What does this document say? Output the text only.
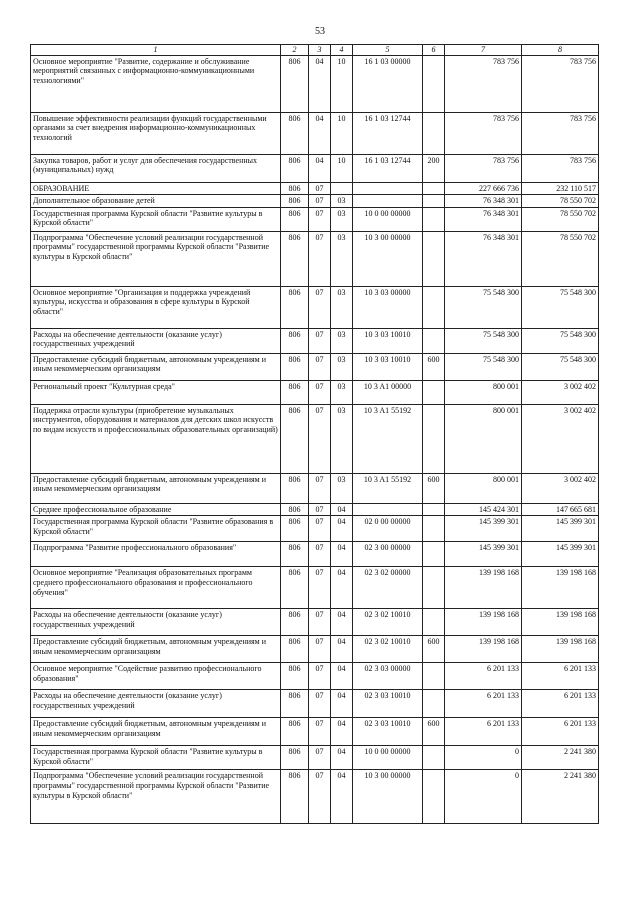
53
1	2	3	4	5	6	7	8
Основное мероприятие "Развитие, содержание и обслуживание мероприятий связанных с информационно-коммуникационными технологиями"	806	04	10	16 1 03 00000		783 756	783 756
Повышение эффективности реализации функций государственными органами за счет внедрения информационно-коммуникационных технологий	806	04	10	16 1 03 12744		783 756	783 756
Закупка товаров, работ и услуг для обеспечения государственных (муниципальных) нужд	806	04	10	16 1 03 12744	200	783 756	783 756
ОБРАЗОВАНИЕ	806	07				227 666 736	232 110 517
Дополнительное образование детей	806	07	03			76 348 301	78 550 702
Государственная программа Курской области "Развитие культуры в Курской области"	806	07	03	10 0 00 00000		76 348 301	78 550 702
Подпрограмма "Обеспечение условий реализации государственной программы" государственной программы Курской области "Развитие культуры в Курской области"	806	07	03	10 3 00 00000		76 348 301	78 550 702
Основное мероприятие "Организация и поддержка учреждений культуры, искусства и образования в сфере культуры в Курской области"	806	07	03	10 3 03 00000		75 548 300	75 548 300
Расходы на обеспечение деятельности (оказание услуг) государственных учреждений	806	07	03	10 3 03 10010		75 548 300	75 548 300
Предоставление субсидий бюджетным, автономным учреждениям и иным некоммерческим организациям	806	07	03	10 3 03 10010	600	75 548 300	75 548 300
Региональный проект "Культурная среда"	806	07	03	10 3 A1 00000		800 001	3 002 402
Поддержка отрасли культуры (приобретение музыкальных инструментов, оборудования и материалов для детских школ искусств по видам искусств и профессиональных образовательных организаций)	806	07	03	10 3 A1 55192		800 001	3 002 402
Предоставление субсидий бюджетным, автономным учреждениям и иным некоммерческим организациям	806	07	03	10 3 A1 55192	600	800 001	3 002 402
Среднее профессиональное образование	806	07	04			145 424 301	147 665 681
Государственная программа Курской области "Развитие образования в Курской области"	806	07	04	02 0 00 00000		145 399 301	145 399 301
Подпрограмма "Развитие профессионального образования"	806	07	04	02 3 00 00000		145 399 301	145 399 301
Основное мероприятие "Реализация образовательных программ среднего профессионального образования и профессионального обучения"	806	07	04	02 3 02 00000		139 198 168	139 198 168
Расходы на обеспечение деятельности (оказание услуг) государственных учреждений	806	07	04	02 3 02 10010		139 198 168	139 198 168
Предоставление субсидий бюджетным, автономным учреждениям и иным некоммерческим организациям	806	07	04	02 3 02 10010	600	139 198 168	139 198 168
Основное мероприятие "Содействие развитию профессионального образования"	806	07	04	02 3 03 00000		6 201 133	6 201 133
Расходы на обеспечение деятельности (оказание услуг) государственных учреждений	806	07	04	02 3 03 10010		6 201 133	6 201 133
Предоставление субсидий бюджетным, автономным учреждениям и иным некоммерческим организациям	806	07	04	02 3 03 10010	600	6 201 133	6 201 133
Государственная программа Курской области "Развитие культуры в Курской области"	806	07	04	10 0 00 00000		0	2 241 380
Подпрограмма "Обеспечение условий реализации государственной программы" государственной программы Курской области "Развитие культуры в Курской области"	806	07	04	10 3 00 00000		0	2 241 380
